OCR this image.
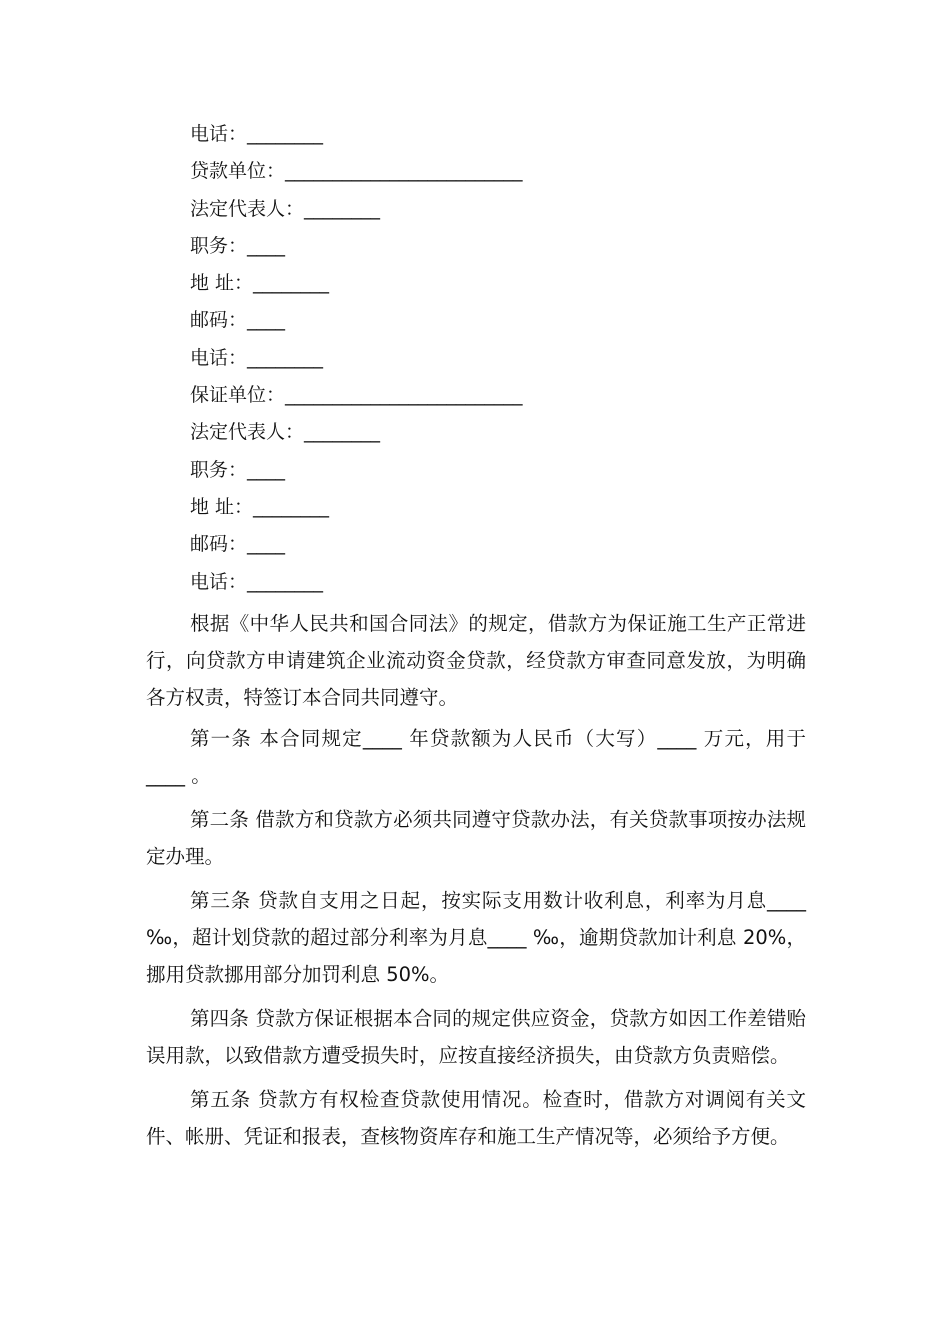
电话：________
贷款单位：_________________________
法定代表人：________
职务：____
地 址：________
邮码：____
电话：________
保证单位：_________________________
法定代表人：________
职务：____
地 址：________
邮码：____
电话：________

根据《中华人民共和国合同法》的规定，借款方为保证施工生产正常进行，向贷款方申请建筑企业流动资金贷款，经贷款方审查同意发放，为明确各方权责，特签订本合同共同遵守。

第一条 本合同规定____ 年贷款额为人民币（大写）____ 万元，用于____ 。

第二条 借款方和贷款方必须共同遵守贷款办法，有关贷款事项按办法规定办理。

第三条 贷款自支用之日起，按实际支用数计收利息，利率为月息____ ‰，超计划贷款的超过部分利率为月息____ ‰，逾期贷款加计利息 20%，挪用贷款挪用部分加罚利息 50%。

第四条 贷款方保证根据本合同的规定供应资金，贷款方如因工作差错贻误用款，以致借款方遭受损失时，应按直接经济损失，由贷款方负责赔偿。

第五条 贷款方有权检查贷款使用情况。检查时，借款方对调阅有关文件、帐册、凭证和报表，查核物资库存和施工生产情况等，必须给予方便。
